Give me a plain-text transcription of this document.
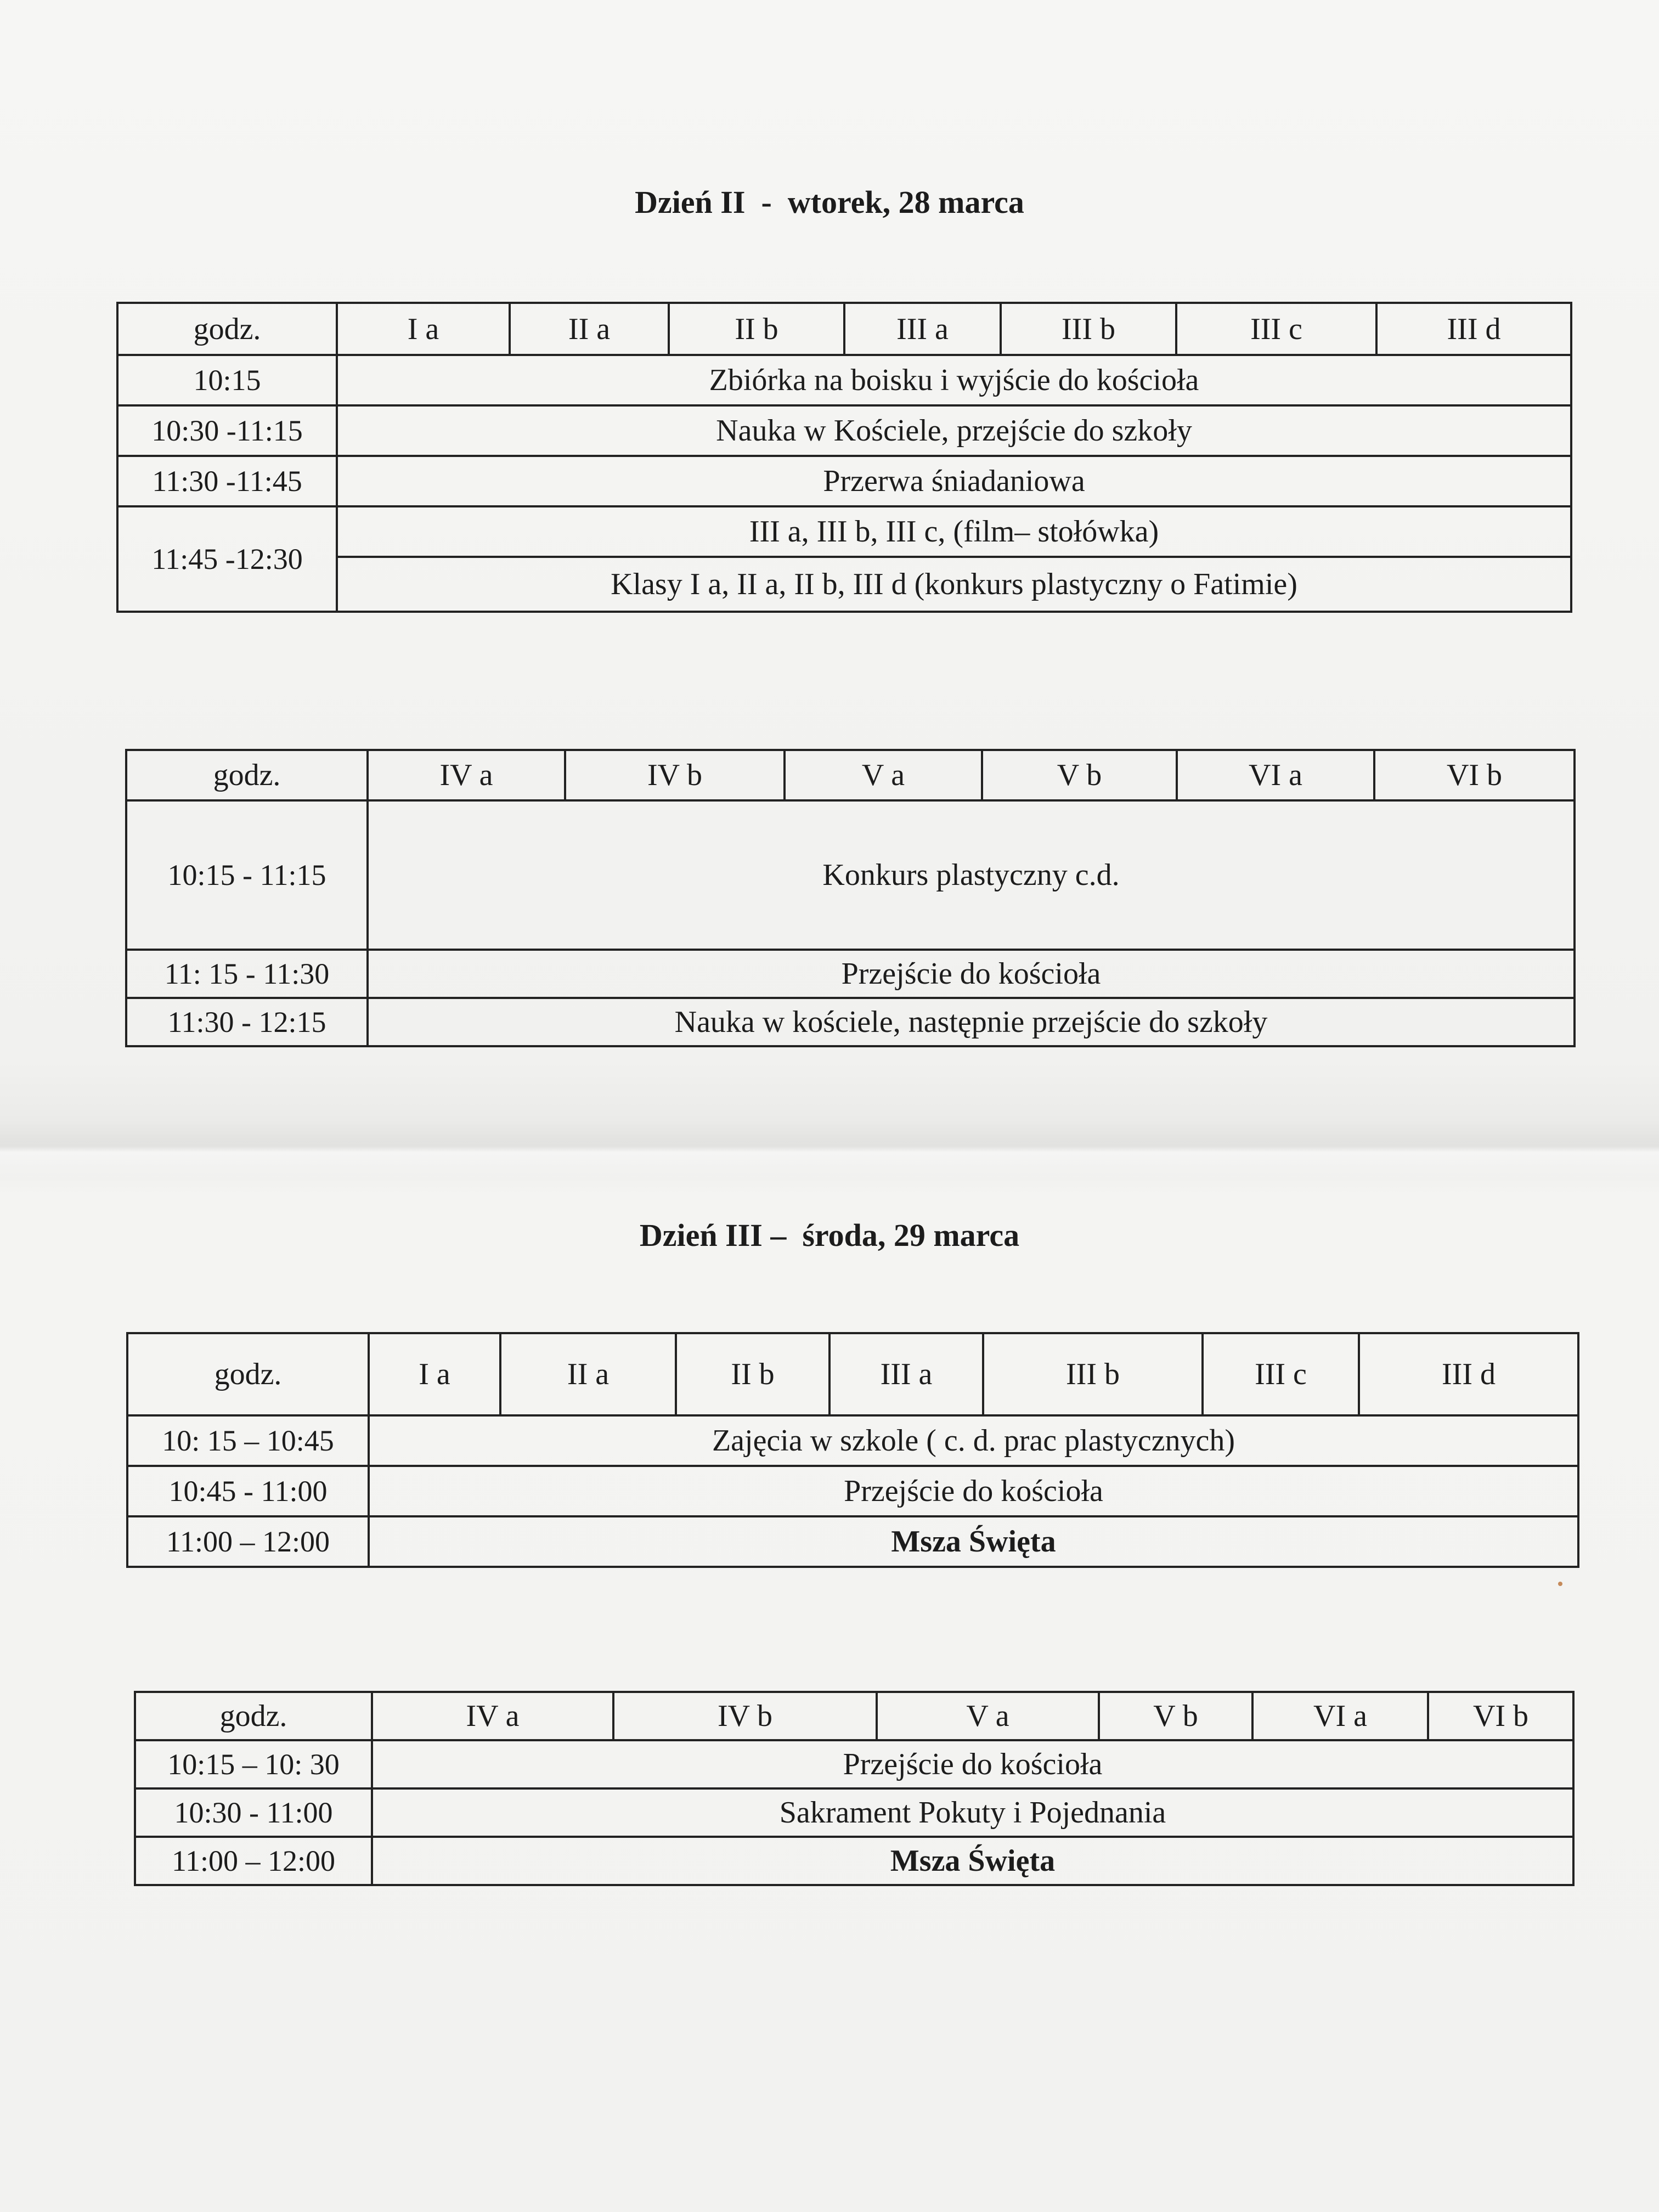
Dzień II  -  wtorek, 28 marca
godz.	I a	II a	II b	III a	III b	III c	III d
10:15	Zbiórka na boisku i wyjście do kościoła						
10:30 -11:15	Nauka w Kościele, przejście do szkoły						
11:30 -11:45	Przerwa śniadaniowa						
11:45 -12:30	III a, III b, III c, (film– stołówka)						
	Klasy I a, II a, II b, III d (konkurs plastyczny o Fatimie)						
godz.	IV a	IV b	V a	V b	VI a	VI b
10:15 - 11:15	Konkurs plastyczny c.d.					
11: 15 - 11:30	Przejście do kościoła					
11:30 - 12:15	Nauka w kościele, następnie przejście do szkoły					
Dzień III –  środa, 29 marca
godz.	I a	II a	II b	III a	III b	III c	III d
10: 15 – 10:45	Zajęcia w szkole ( c. d. prac plastycznych)						
10:45 - 11:00	Przejście do kościoła						
11:00 – 12:00	Msza Święta						
godz.	IV a	IV b	V a	V b	VI a	VI b
10:15 – 10: 30	Przejście do kościoła					
10:30 - 11:00	Sakrament Pokuty i Pojednania					
11:00 – 12:00	Msza Święta					
